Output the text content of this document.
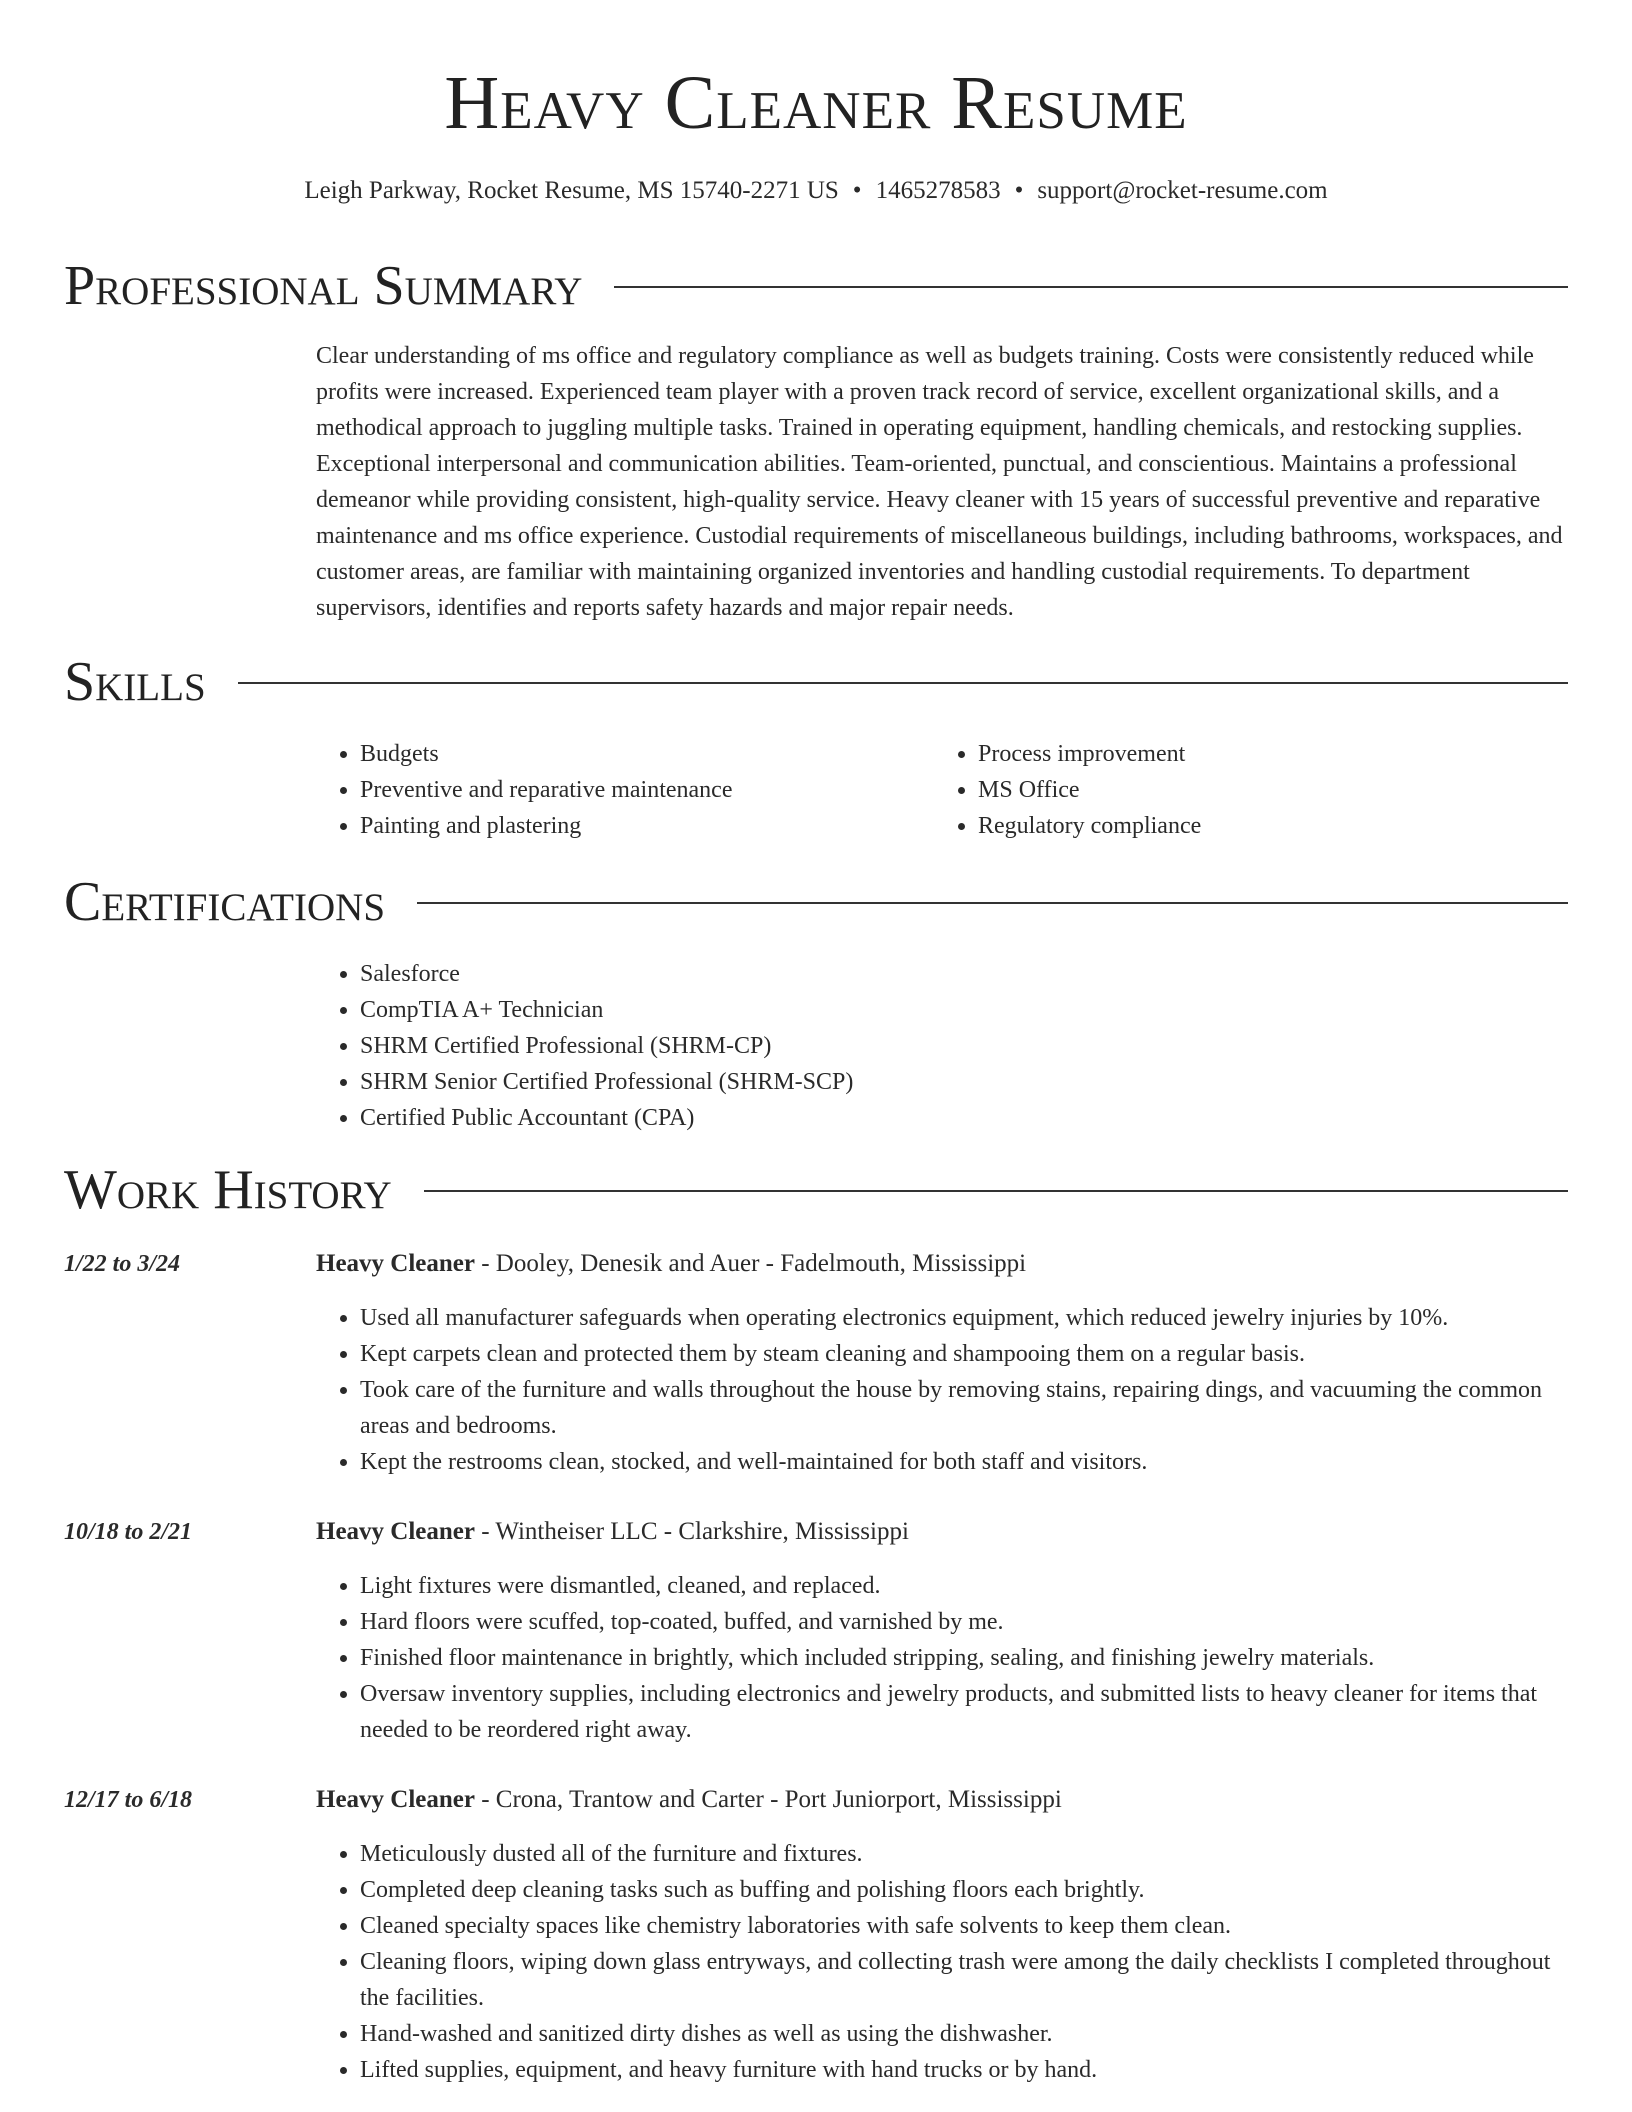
Heavy Cleaner Resume
Leigh Parkway, Rocket Resume, MS 15740-2271 US • 1465278583 • support@rocket-resume.com
Professional Summary

Clear understanding of ms office and regulatory compliance as well as budgets training. Costs were consistently reduced while profits were increased. Experienced team player with a proven track record of service, excellent organizational skills, and a methodical approach to juggling multiple tasks. Trained in operating equipment, handling chemicals, and restocking supplies. Exceptional interpersonal and communication abilities. Team-oriented, punctual, and conscientious. Maintains a professional demeanor while providing consistent, high-quality service. Heavy cleaner with 15 years of successful preventive and reparative maintenance and ms office experience. Custodial requirements of miscellaneous buildings, including bathrooms, workspaces, and customer areas, are familiar with maintaining organized inventories and handling custodial requirements. To department supervisors, identifies and reports safety hazards and major repair needs.

Skills
• Budgets
• Preventive and reparative maintenance
• Painting and plastering
• Process improvement
• MS Office
• Regulatory compliance
Certifications
• Salesforce
• CompTIA A+ Technician
• SHRM Certified Professional (SHRM-CP)
• SHRM Senior Certified Professional (SHRM-SCP)
• Certified Public Accountant (CPA)
Work History
1/22 to 3/24	Heavy Cleaner - Dooley, Denesik and Auer - Fadelmouth, Mississippi
• Used all manufacturer safeguards when operating electronics equipment, which reduced jewelry injuries by 10%.
• Kept carpets clean and protected them by steam cleaning and shampooing them on a regular basis.
• Took care of the furniture and walls throughout the house by removing stains, repairing dings, and vacuuming the common areas and bedrooms.
• Kept the restrooms clean, stocked, and well-maintained for both staff and visitors.
10/18 to 2/21	Heavy Cleaner - Wintheiser LLC - Clarkshire, Mississippi
• Light fixtures were dismantled, cleaned, and replaced.
• Hard floors were scuffed, top-coated, buffed, and varnished by me.
• Finished floor maintenance in brightly, which included stripping, sealing, and finishing jewelry materials.
• Oversaw inventory supplies, including electronics and jewelry products, and submitted lists to heavy cleaner for items that needed to be reordered right away.
12/17 to 6/18	Heavy Cleaner - Crona, Trantow and Carter - Port Juniorport, Mississippi
• Meticulously dusted all of the furniture and fixtures.
• Completed deep cleaning tasks such as buffing and polishing floors each brightly.
• Cleaned specialty spaces like chemistry laboratories with safe solvents to keep them clean.
• Cleaning floors, wiping down glass entryways, and collecting trash were among the daily checklists I completed throughout the facilities.
• Hand-washed and sanitized dirty dishes as well as using the dishwasher.
• Lifted supplies, equipment, and heavy furniture with hand trucks or by hand.
